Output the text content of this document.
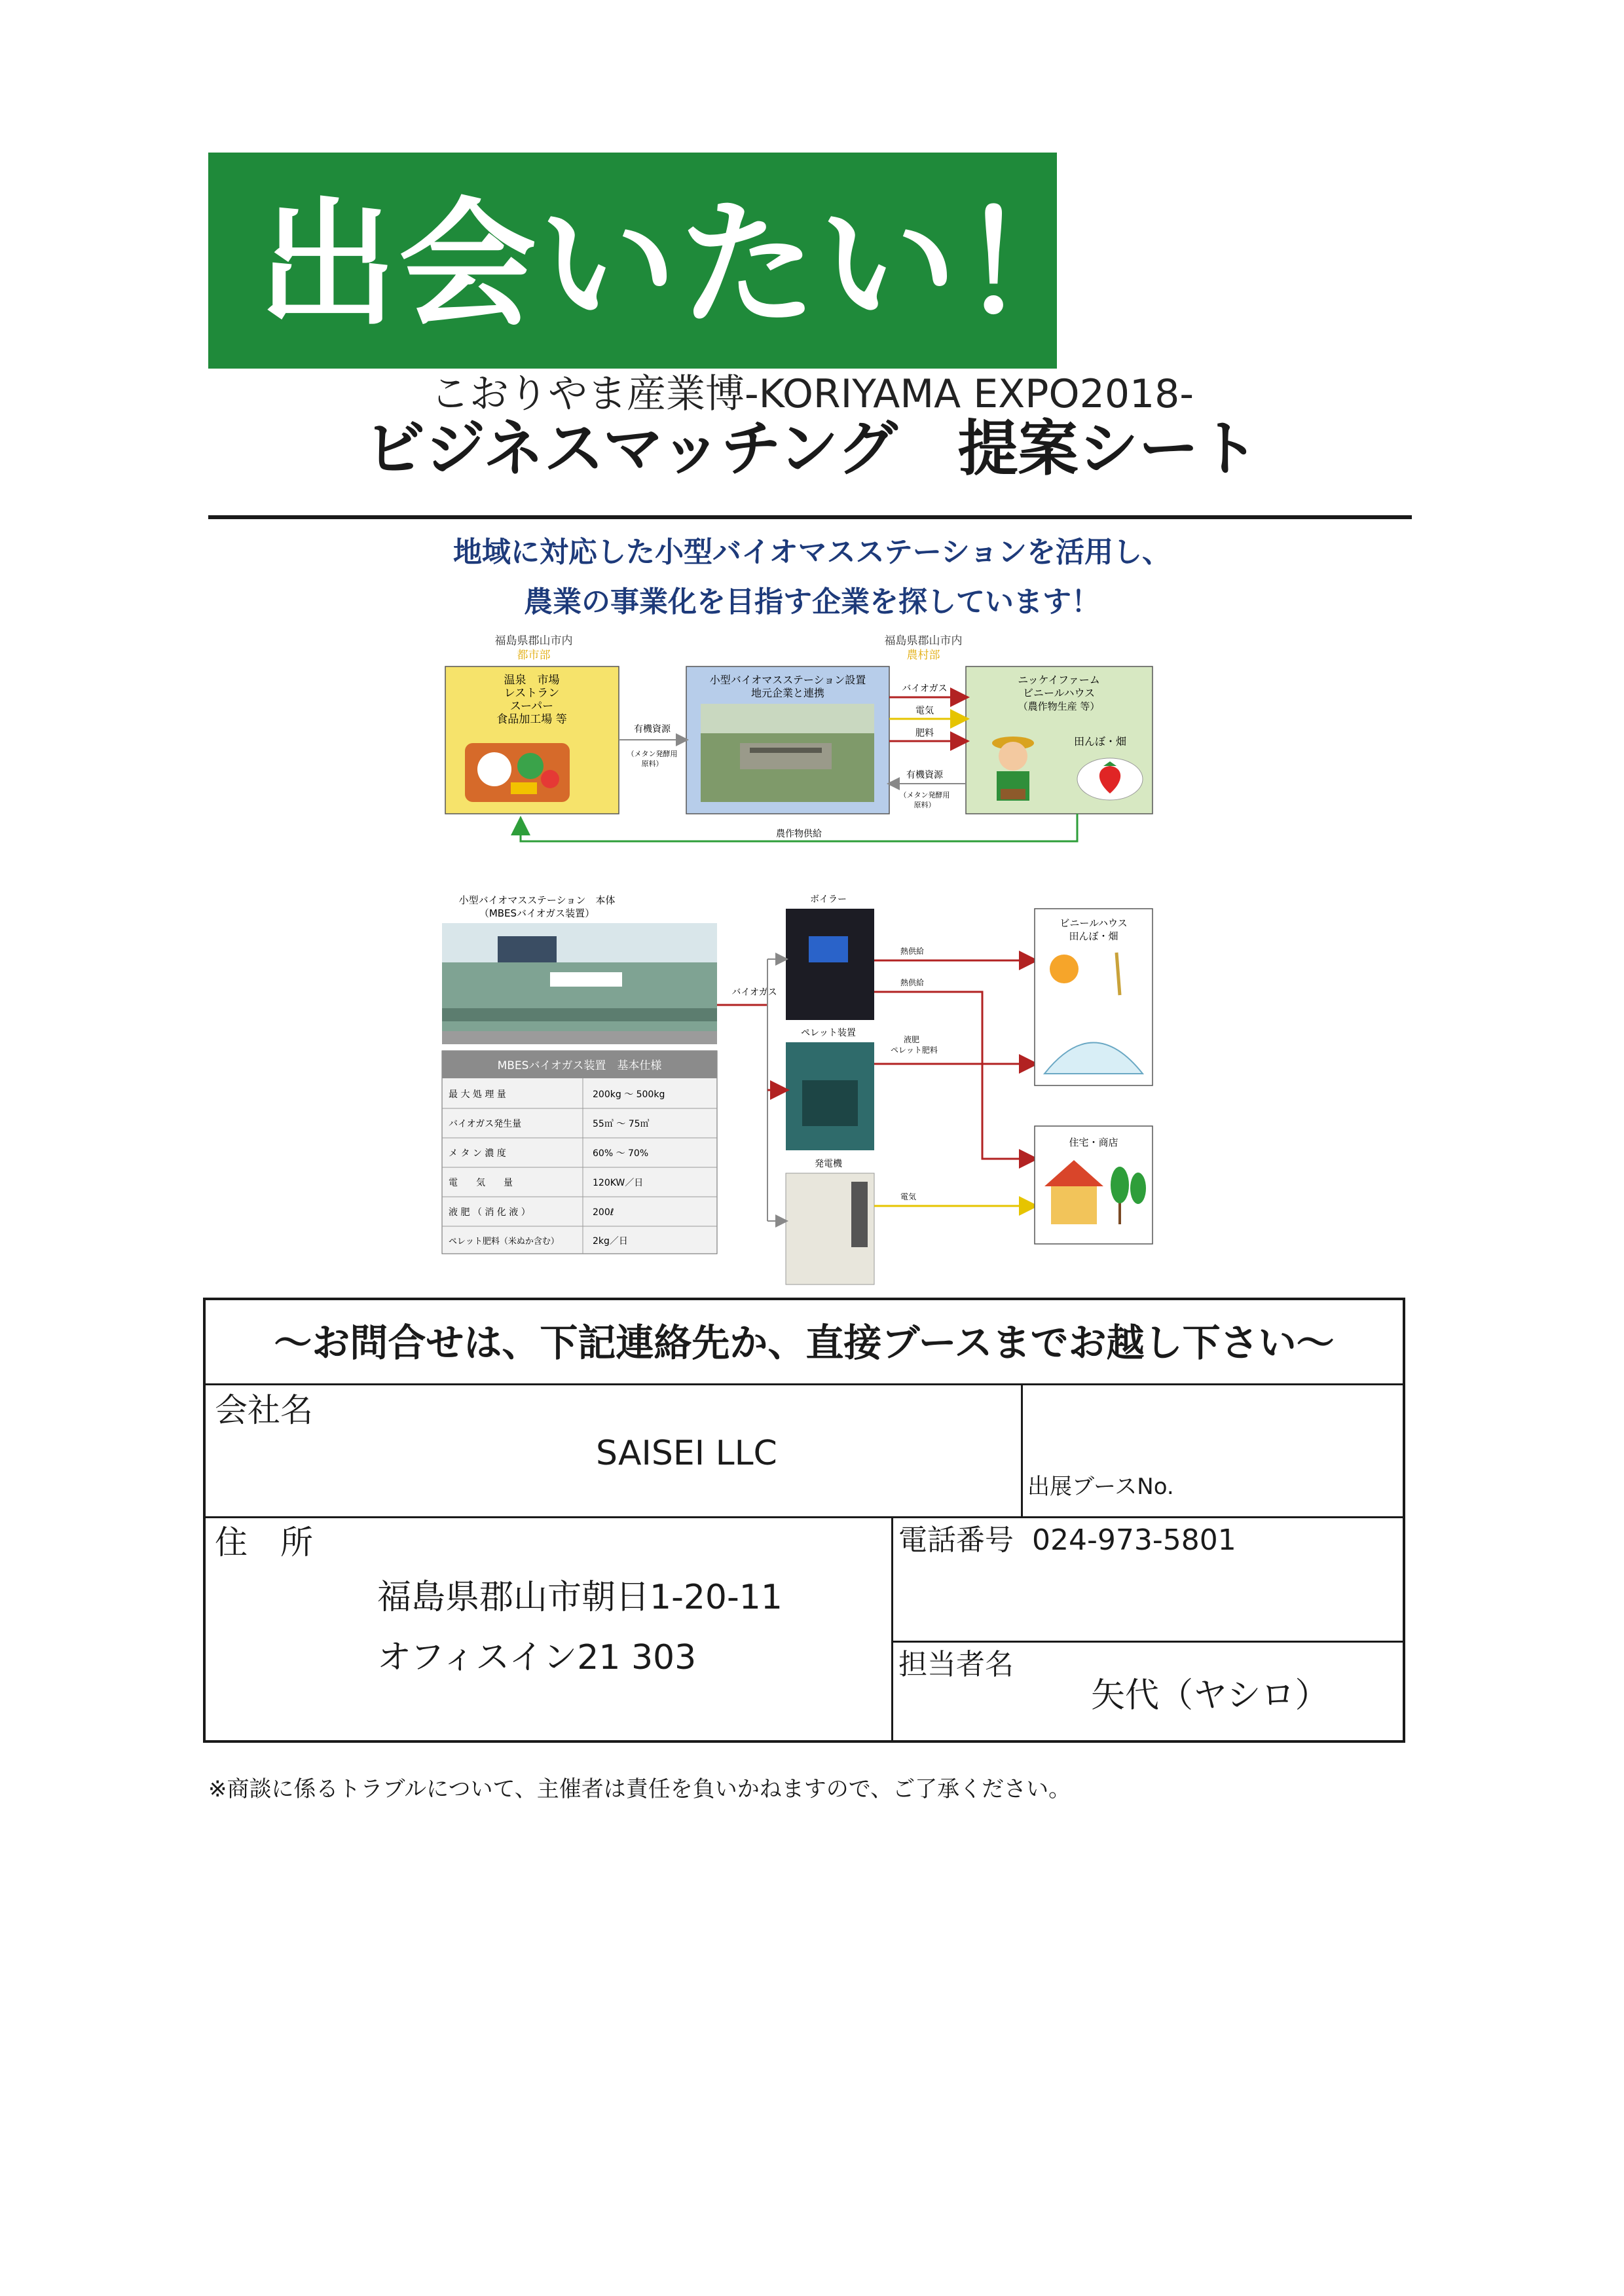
出会いたい！
こおりやま産業博-KORIYAMA EXPO2018-
ビジネスマッチング　提案シート
地域に対応した小型バイオマスステーションを活用し、
農業の事業化を目指す企業を探しています！
福島県郡山市内
都市部
福島県郡山市内
農村部
温泉　市場
レストラン
スーパー
食品加工場 等
小型バイオマスステーション設置
地元企業と連携
ニッケイファーム
ビニールハウス
（農作物生産 等）
田んぼ・畑
有機資源
（メタン発酵用
原料）
バイオガス
電気
肥料
有機資源
（メタン発酵用
原料）
農作物供給
小型バイオマスステーション　本体
（MBESバイオガス装置）
MBESバイオガス装置　基本仕様
最 大 処 理 量	200kg ～ 500kg
バイオガス発生量	55㎥ ～ 75㎥
メ タ ン 濃 度	60% ～ 70%
電　　気　　量	120KW／日
液 肥 （ 消 化 液 ）	200ℓ
ペレット肥料（米ぬか含む）	2kg／日
ボイラー
ペレット装置
発電機
バイオガス
熱供給
熱供給
液肥
ペレット肥料
電気
ビニールハウス
田んぼ・畑
住宅・商店
～お問合せは、下記連絡先か、直接ブースまでお越し下さい～
会社名
SAISEI LLC
出展ブースNo.
住　所
福島県郡山市朝日1-20-11
オフィスイン21 303
電話番号 024-973-5801
担当者名
矢代（ヤシロ）
※商談に係るトラブルについて、主催者は責任を負いかねますので、ご了承ください。
